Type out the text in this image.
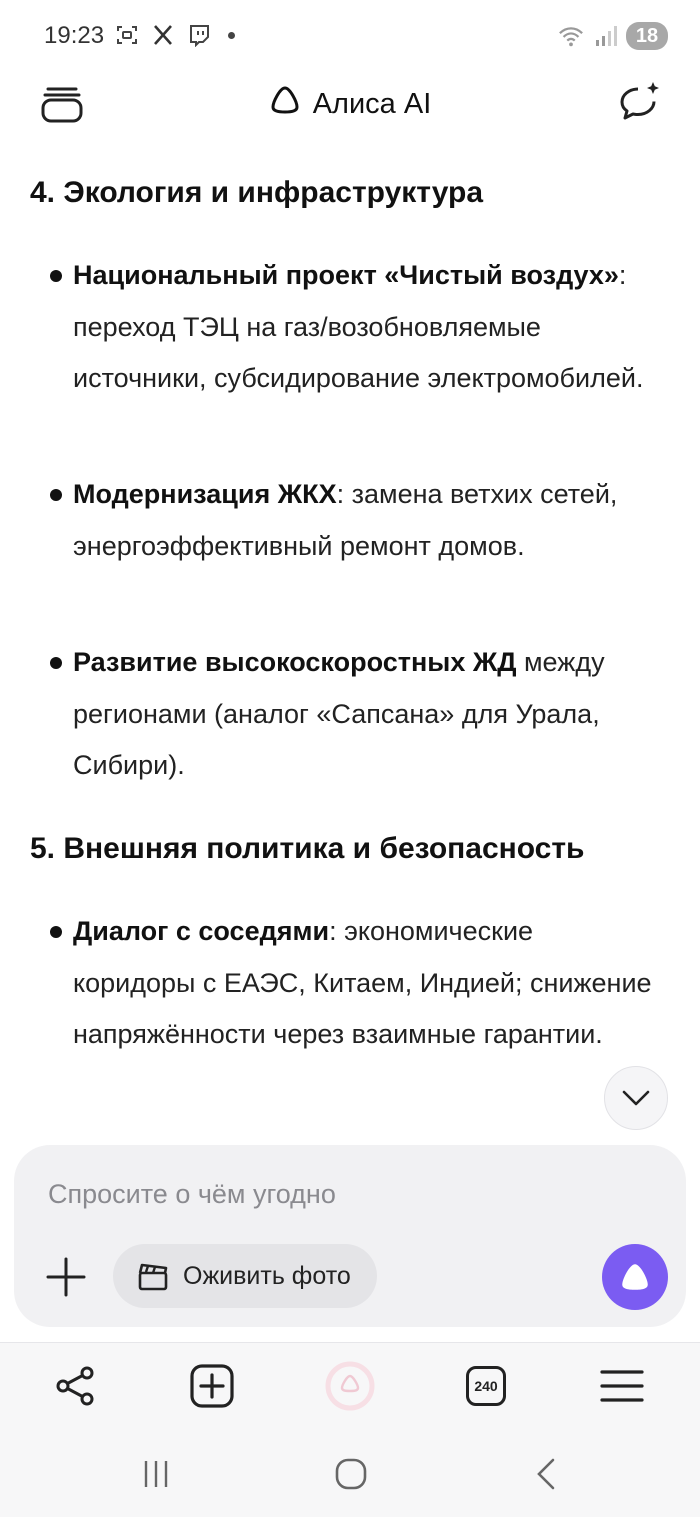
19:23	18
Алиса AI
4. Экология и инфраструктура
Национальный проект «Чистый воздух»: переход ТЭЦ на газ/возобновляемые источники, субсидирование электромобилей.
Модернизация ЖКХ: замена ветхих сетей, энергоэффективный ремонт домов.
Развитие высокоскоростных ЖД между регионами (аналог «Сапсана» для Урала, Сибири).
5. Внешняя политика и безопасность
Диалог с соседями: экономические коридоры с ЕАЭС, Китаем, Индией; снижение напряжённости через взаимные гарантии.
Спросите о чём угодно
Оживить фото
240
